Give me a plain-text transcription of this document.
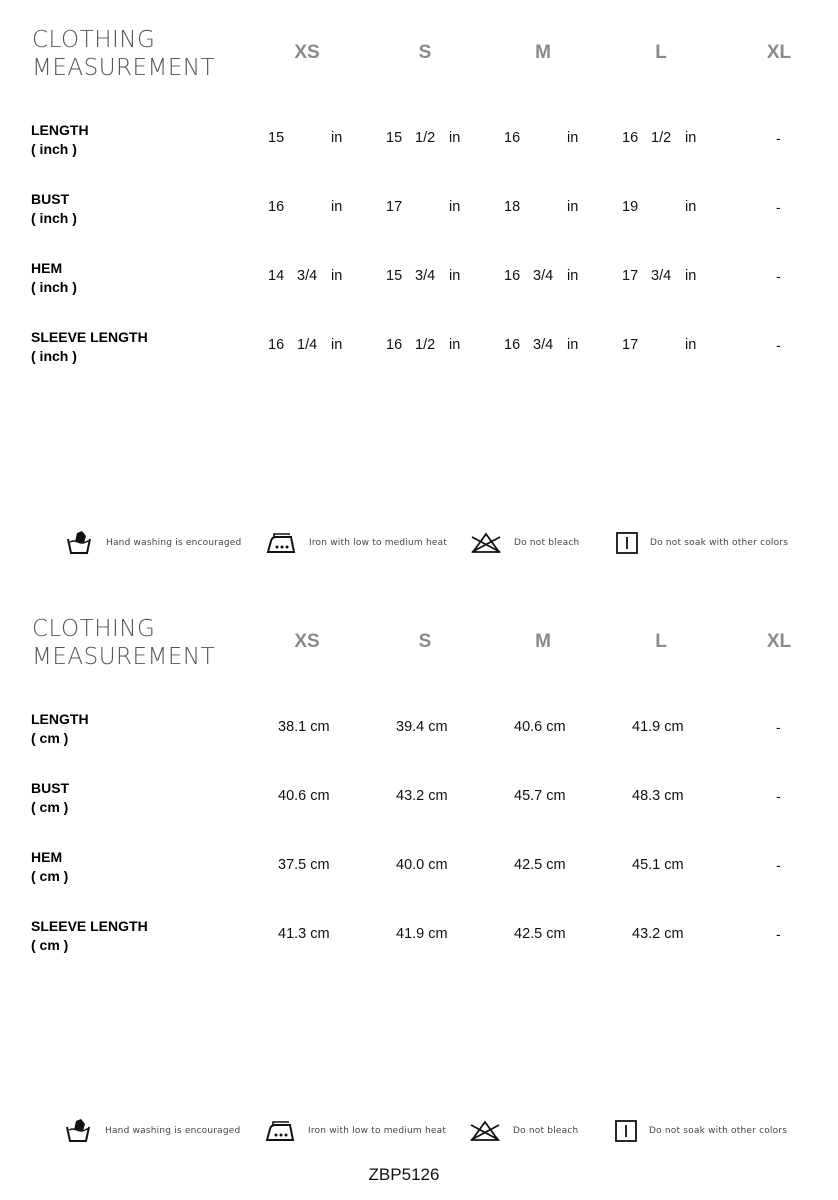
CLOTHING
MEASUREMENT
XS	S	M	L	XL
LENGTH
( inch )
15	in	15 1/2 in	16	in	16 1/2 in	-
BUST
( inch )
16	in	17	in	18	in	19	in	-
HEM
( inch )
14 3/4 in	15 3/4 in	16 3/4 in	17 3/4 in	-
SLEEVE LENGTH
( inch )
16 1/4 in	16 1/2 in	16 3/4 in	17	in	-
Hand washing is encouraged	Iron with low to medium heat	Do not bleach	Do not soak with other colors
CLOTHING
MEASUREMENT
XS	S	M	L	XL
LENGTH
( cm )
38.1 cm	39.4 cm	40.6 cm	41.9 cm	-
BUST
( cm )
40.6 cm	43.2 cm	45.7 cm	48.3 cm	-
HEM
( cm )
37.5 cm	40.0 cm	42.5 cm	45.1 cm	-
SLEEVE LENGTH
( cm )
41.3 cm	41.9 cm	42.5 cm	43.2 cm	-
Hand washing is encouraged	Iron with low to medium heat	Do not bleach	Do not soak with other colors
ZBP5126
